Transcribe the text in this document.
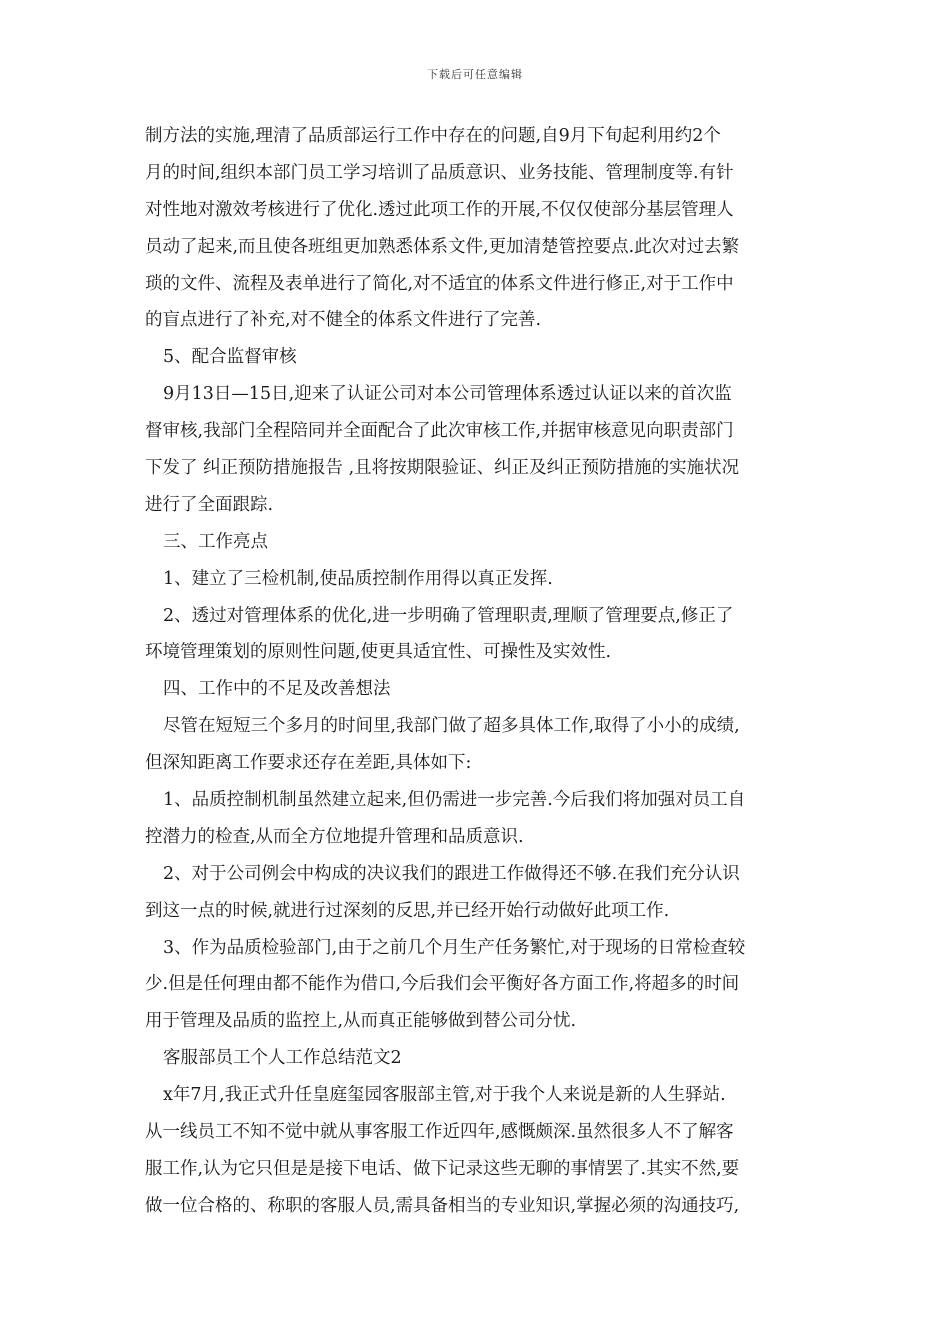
下载后可任意编辑
制方法的实施,理清了品质部运行工作中存在的问题,自9月下旬起利用约2个
月的时间,组织本部门员工学习培训了品质意识、业务技能、管理制度等.有针
对性地对激效考核进行了优化.透过此项工作的开展,不仅仅使部分基层管理人
员动了起来,而且使各班组更加熟悉体系文件,更加清楚管控要点.此次对过去繁
琐的文件、流程及表单进行了简化,对不适宜的体系文件进行修正,对于工作中
的盲点进行了补充,对不健全的体系文件进行了完善.
5、配合监督审核
9月13日—15日,迎来了认证公司对本公司管理体系透过认证以来的首次监
督审核,我部门全程陪同并全面配合了此次审核工作,并据审核意见向职责部门
下发了 纠正预防措施报告 ,且将按期限验证、纠正及纠正预防措施的实施状况
进行了全面跟踪.
三、工作亮点
1、建立了三检机制,使品质控制作用得以真正发挥.
2、透过对管理体系的优化,进一步明确了管理职责,理顺了管理要点,修正了
环境管理策划的原则性问题,使更具适宜性、可操性及实效性.
四、工作中的不足及改善想法
尽管在短短三个多月的时间里,我部门做了超多具体工作,取得了小小的成绩,
但深知距离工作要求还存在差距,具体如下:
1、品质控制机制虽然建立起来,但仍需进一步完善.今后我们将加强对员工自
控潜力的检查,从而全方位地提升管理和品质意识.
2、对于公司例会中构成的决议我们的跟进工作做得还不够.在我们充分认识
到这一点的时候,就进行过深刻的反思,并已经开始行动做好此项工作.
3、作为品质检验部门,由于之前几个月生产任务繁忙,对于现场的日常检查较
少.但是任何理由都不能作为借口,今后我们会平衡好各方面工作,将超多的时间
用于管理及品质的监控上,从而真正能够做到替公司分忧.
客服部员工个人工作总结范文2
x年7月,我正式升任皇庭玺园客服部主管,对于我个人来说是新的人生驿站.
从一线员工不知不觉中就从事客服工作近四年,感慨颇深.虽然很多人不了解客
服工作,认为它只但是是接下电话、做下记录这些无聊的事情罢了.其实不然,要
做一位合格的、称职的客服人员,需具备相当的专业知识,掌握必须的沟通技巧,
